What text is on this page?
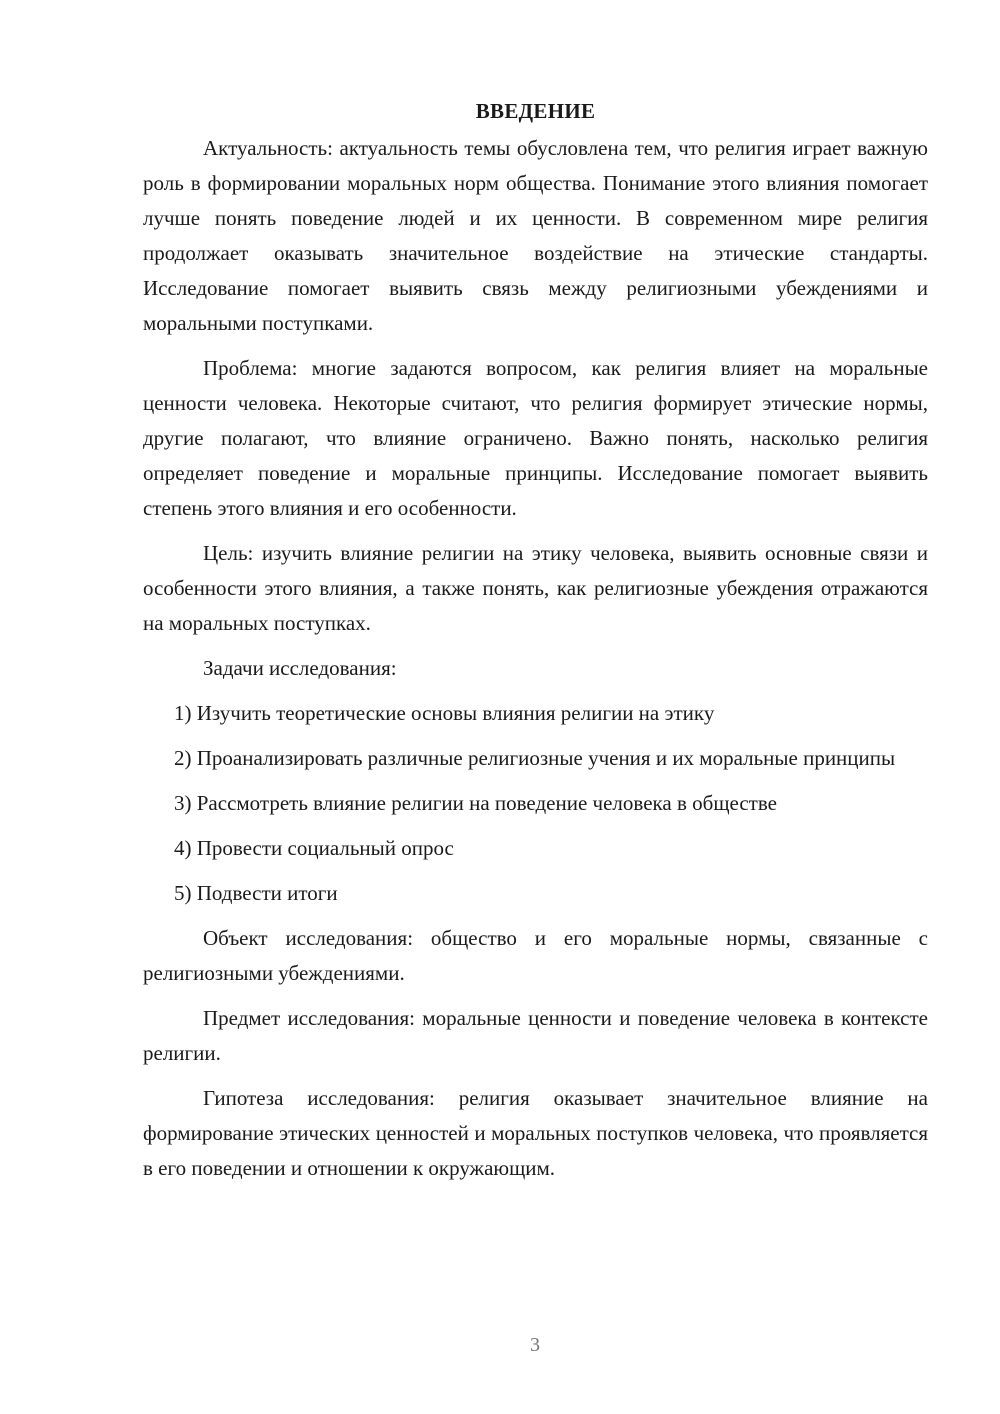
ВВЕДЕНИЕ

Актуальность: актуальность темы обусловлена тем, что религия играет важную роль в формировании моральных норм общества. Понимание этого влияния помогает лучше понять поведение людей и их ценности. В современном мире религия продолжает оказывать значительное воздействие на этические стандарты. Исследование помогает выявить связь между религиозными убеждениями и моральными поступками.

Проблема: многие задаются вопросом, как религия влияет на моральные ценности человека. Некоторые считают, что религия формирует этические нормы, другие полагают, что влияние ограничено. Важно понять, насколько религия определяет поведение и моральные принципы. Исследование помогает выявить степень этого влияния и его особенности.

Цель: изучить влияние религии на этику человека, выявить основные связи и особенности этого влияния, а также понять, как религиозные убеждения отражаются на моральных поступках.

Задачи исследования:

1) Изучить теоретические основы влияния религии на этику

2) Проанализировать различные религиозные учения и их моральные принципы

3) Рассмотреть влияние религии на поведение человека в обществе

4) Провести социальный опрос

5) Подвести итоги

Объект исследования: общество и его моральные нормы, связанные с религиозными убеждениями.

Предмет исследования: моральные ценности и поведение человека в контексте религии.

Гипотеза исследования: религия оказывает значительное влияние на формирование этических ценностей и моральных поступков человека, что проявляется в его поведении и отношении к окружающим.

3
